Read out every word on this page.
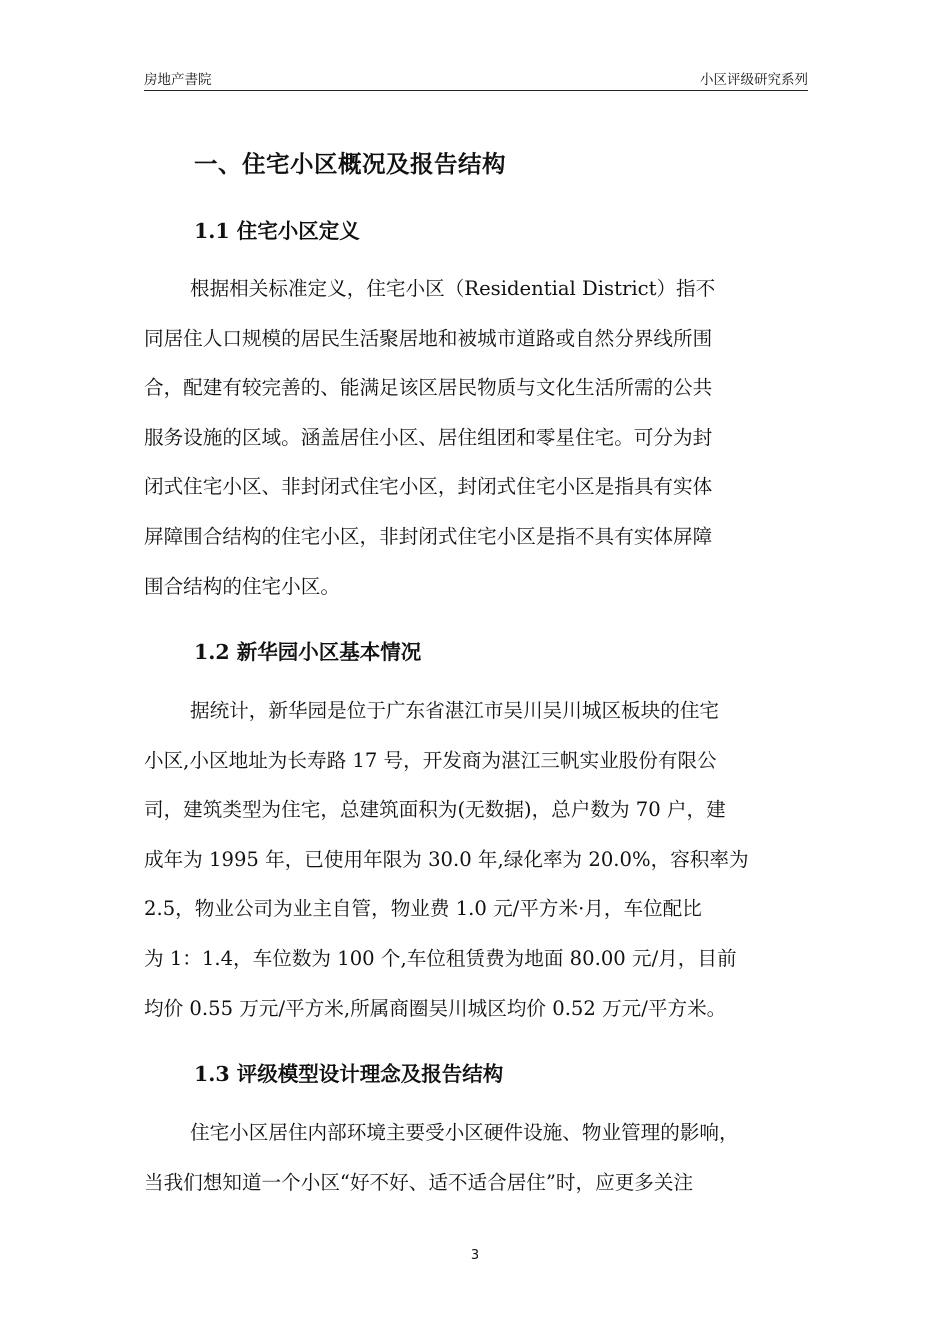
房地产書院	小区评级研究系列
一、住宅小区概况及报告结构
1.1 住宅小区定义
根据相关标准定义，住宅小区（Residential District）指不
同居住人口规模的居民生活聚居地和被城市道路或自然分界线所围
合，配建有较完善的、能满足该区居民物质与文化生活所需的公共
服务设施的区域。涵盖居住小区、居住组团和零星住宅。可分为封
闭式住宅小区、非封闭式住宅小区，封闭式住宅小区是指具有实体
屏障围合结构的住宅小区，非封闭式住宅小区是指不具有实体屏障
围合结构的住宅小区。
1.2 新华园小区基本情况
据统计，新华园是位于广东省湛江市吴川吴川城区板块的住宅
小区,小区地址为长寿路 17 号，开发商为湛江三帆实业股份有限公
司，建筑类型为住宅，总建筑面积为(无数据)，总户数为 70 户，建
成年为 1995 年，已使用年限为 30.0 年,绿化率为 20.0%，容积率为
2.5，物业公司为业主自管，物业费 1.0 元/平方米·月，车位配比
为 1：1.4，车位数为 100 个,车位租赁费为地面 80.00 元/月，目前
均价 0.55 万元/平方米,所属商圈吴川城区均价 0.52 万元/平方米。
1.3 评级模型设计理念及报告结构
住宅小区居住内部环境主要受小区硬件设施、物业管理的影响，
当我们想知道一个小区“好不好、适不适合居住”时，应更多关注
3
